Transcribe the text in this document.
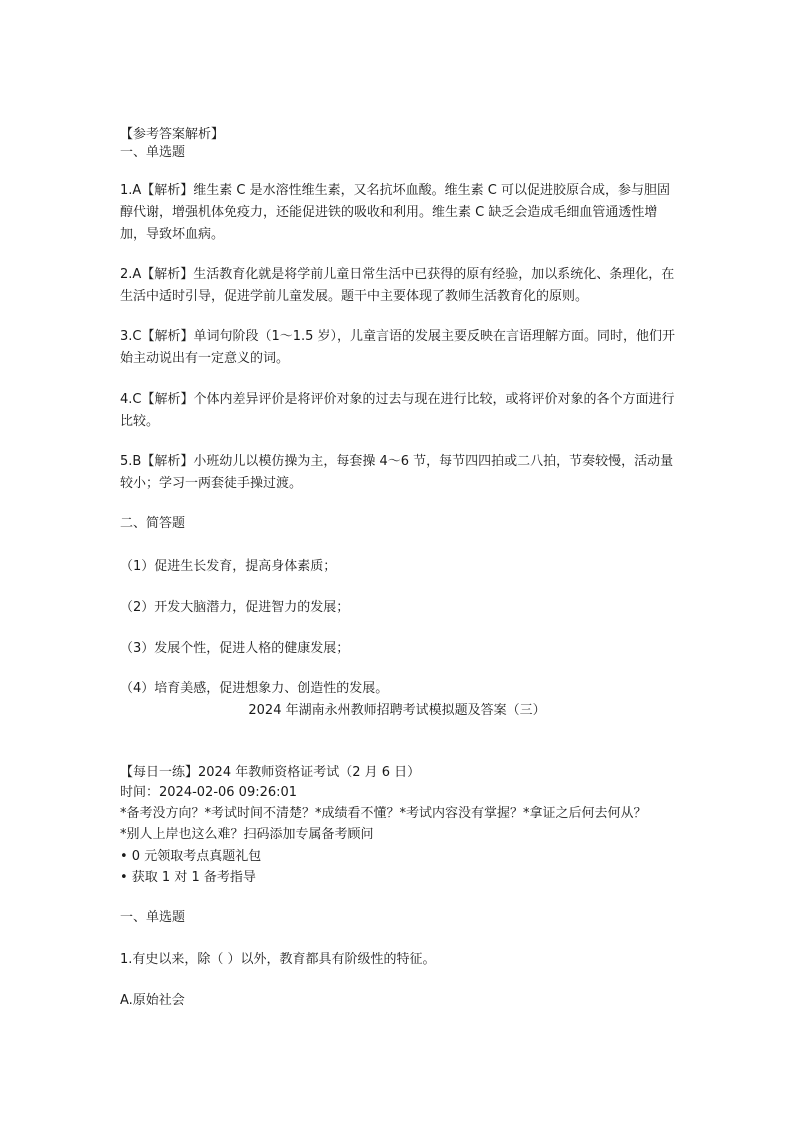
【参考答案解析】
一、单选题
1.A【解析】维生素 C 是水溶性维生素，又名抗坏血酸。维生素 C 可以促进胶原合成，参与胆固醇代谢，增强机体免疫力，还能促进铁的吸收和利用。维生素 C 缺乏会造成毛细血管通透性增加，导致坏血病。
2.A【解析】生活教育化就是将学前儿童日常生活中已获得的原有经验，加以系统化、条理化，在生活中适时引导，促进学前儿童发展。题干中主要体现了教师生活教育化的原则。
3.C【解析】单词句阶段（1～1.5 岁），儿童言语的发展主要反映在言语理解方面。同时，他们开始主动说出有一定意义的词。
4.C【解析】个体内差异评价是将评价对象的过去与现在进行比较，或将评价对象的各个方面进行比较。
5.B【解析】小班幼儿以模仿操为主，每套操 4～6 节，每节四四拍或二八拍，节奏较慢，活动量较小；学习一两套徒手操过渡。
二、简答题
（1）促进生长发育，提高身体素质；
（2）开发大脑潜力，促进智力的发展；
（3）发展个性，促进人格的健康发展；
（4）培育美感，促进想象力、创造性的发展。
2024 年湖南永州教师招聘考试模拟题及答案（三）
【每日一练】2024 年教师资格证考试（2 月 6 日）
时间：2024-02-06 09:26:01
*备考没方向？*考试时间不清楚？*成绩看不懂？*考试内容没有掌握？*拿证之后何去何从？
*别人上岸也这么难？扫码添加专属备考顾问
• 0 元领取考点真题礼包
• 获取 1 对 1 备考指导
一、单选题
1.有史以来，除（ ）以外，教育都具有阶级性的特征。
A.原始社会
